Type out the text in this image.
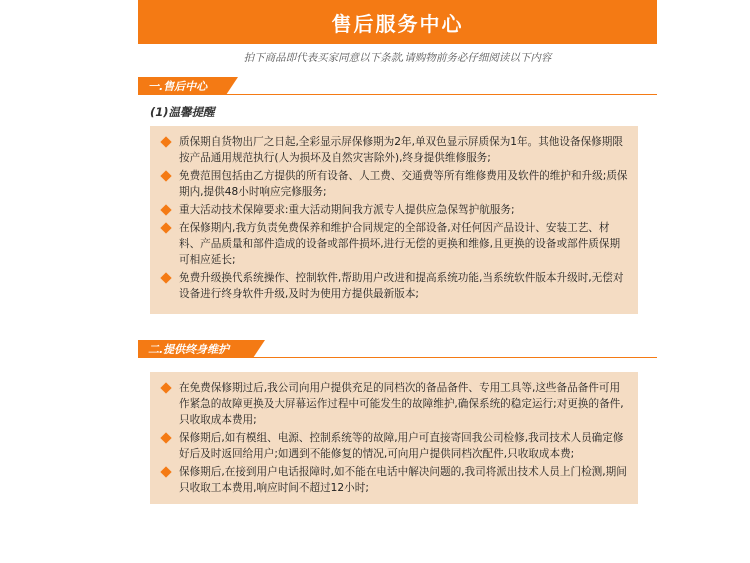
售后服务中心
拍下商品即代表买家同意以下条款,请购物前务必仔细阅读以下内容
一.售后中心
(1)温馨提醒
质保期自货物出厂之日起,全彩显示屏保修期为2年,单双色显示屏质保为1年。其他设备保修期限按产品通用规范执行(人为损坏及自然灾害除外),终身提供维修服务;
免费范围包括由乙方提供的所有设备、人工费、交通费等所有维修费用及软件的维护和升级;质保期内,提供48小时响应完修服务;
重大活动技术保障要求:重大活动期间我方派专人提供应急保驾护航服务;
在保修期内,我方负责免费保养和维护合同规定的全部设备,对任何因产品设计、安装工艺、材料、产品质量和部件造成的设备或部件损坏,进行无偿的更换和维修,且更换的设备或部件质保期可相应延长;
免费升级换代系统操作、控制软件,帮助用户改进和提高系统功能,当系统软件版本升级时,无偿对设备进行终身软件升级,及时为使用方提供最新版本;
二.提供终身维护
在免费保修期过后,我公司向用户提供充足的同档次的备品备件、专用工具等,这些备品备件可用作紧急的故障更换及大屏幕运作过程中可能发生的故障维护,确保系统的稳定运行;对更换的备件,只收取成本费用;
保修期后,如有模组、电源、控制系统等的故障,用户可直接寄回我公司检修,我司技术人员确定修好后及时返回给用户;如遇到不能修复的情况,可向用户提供同档次配件,只收取成本费;
保修期后,在接到用户电话报障时,如不能在电话中解决问题的,我司将派出技术人员上门检测,期间只收取工本费用,响应时间不超过12小时;
